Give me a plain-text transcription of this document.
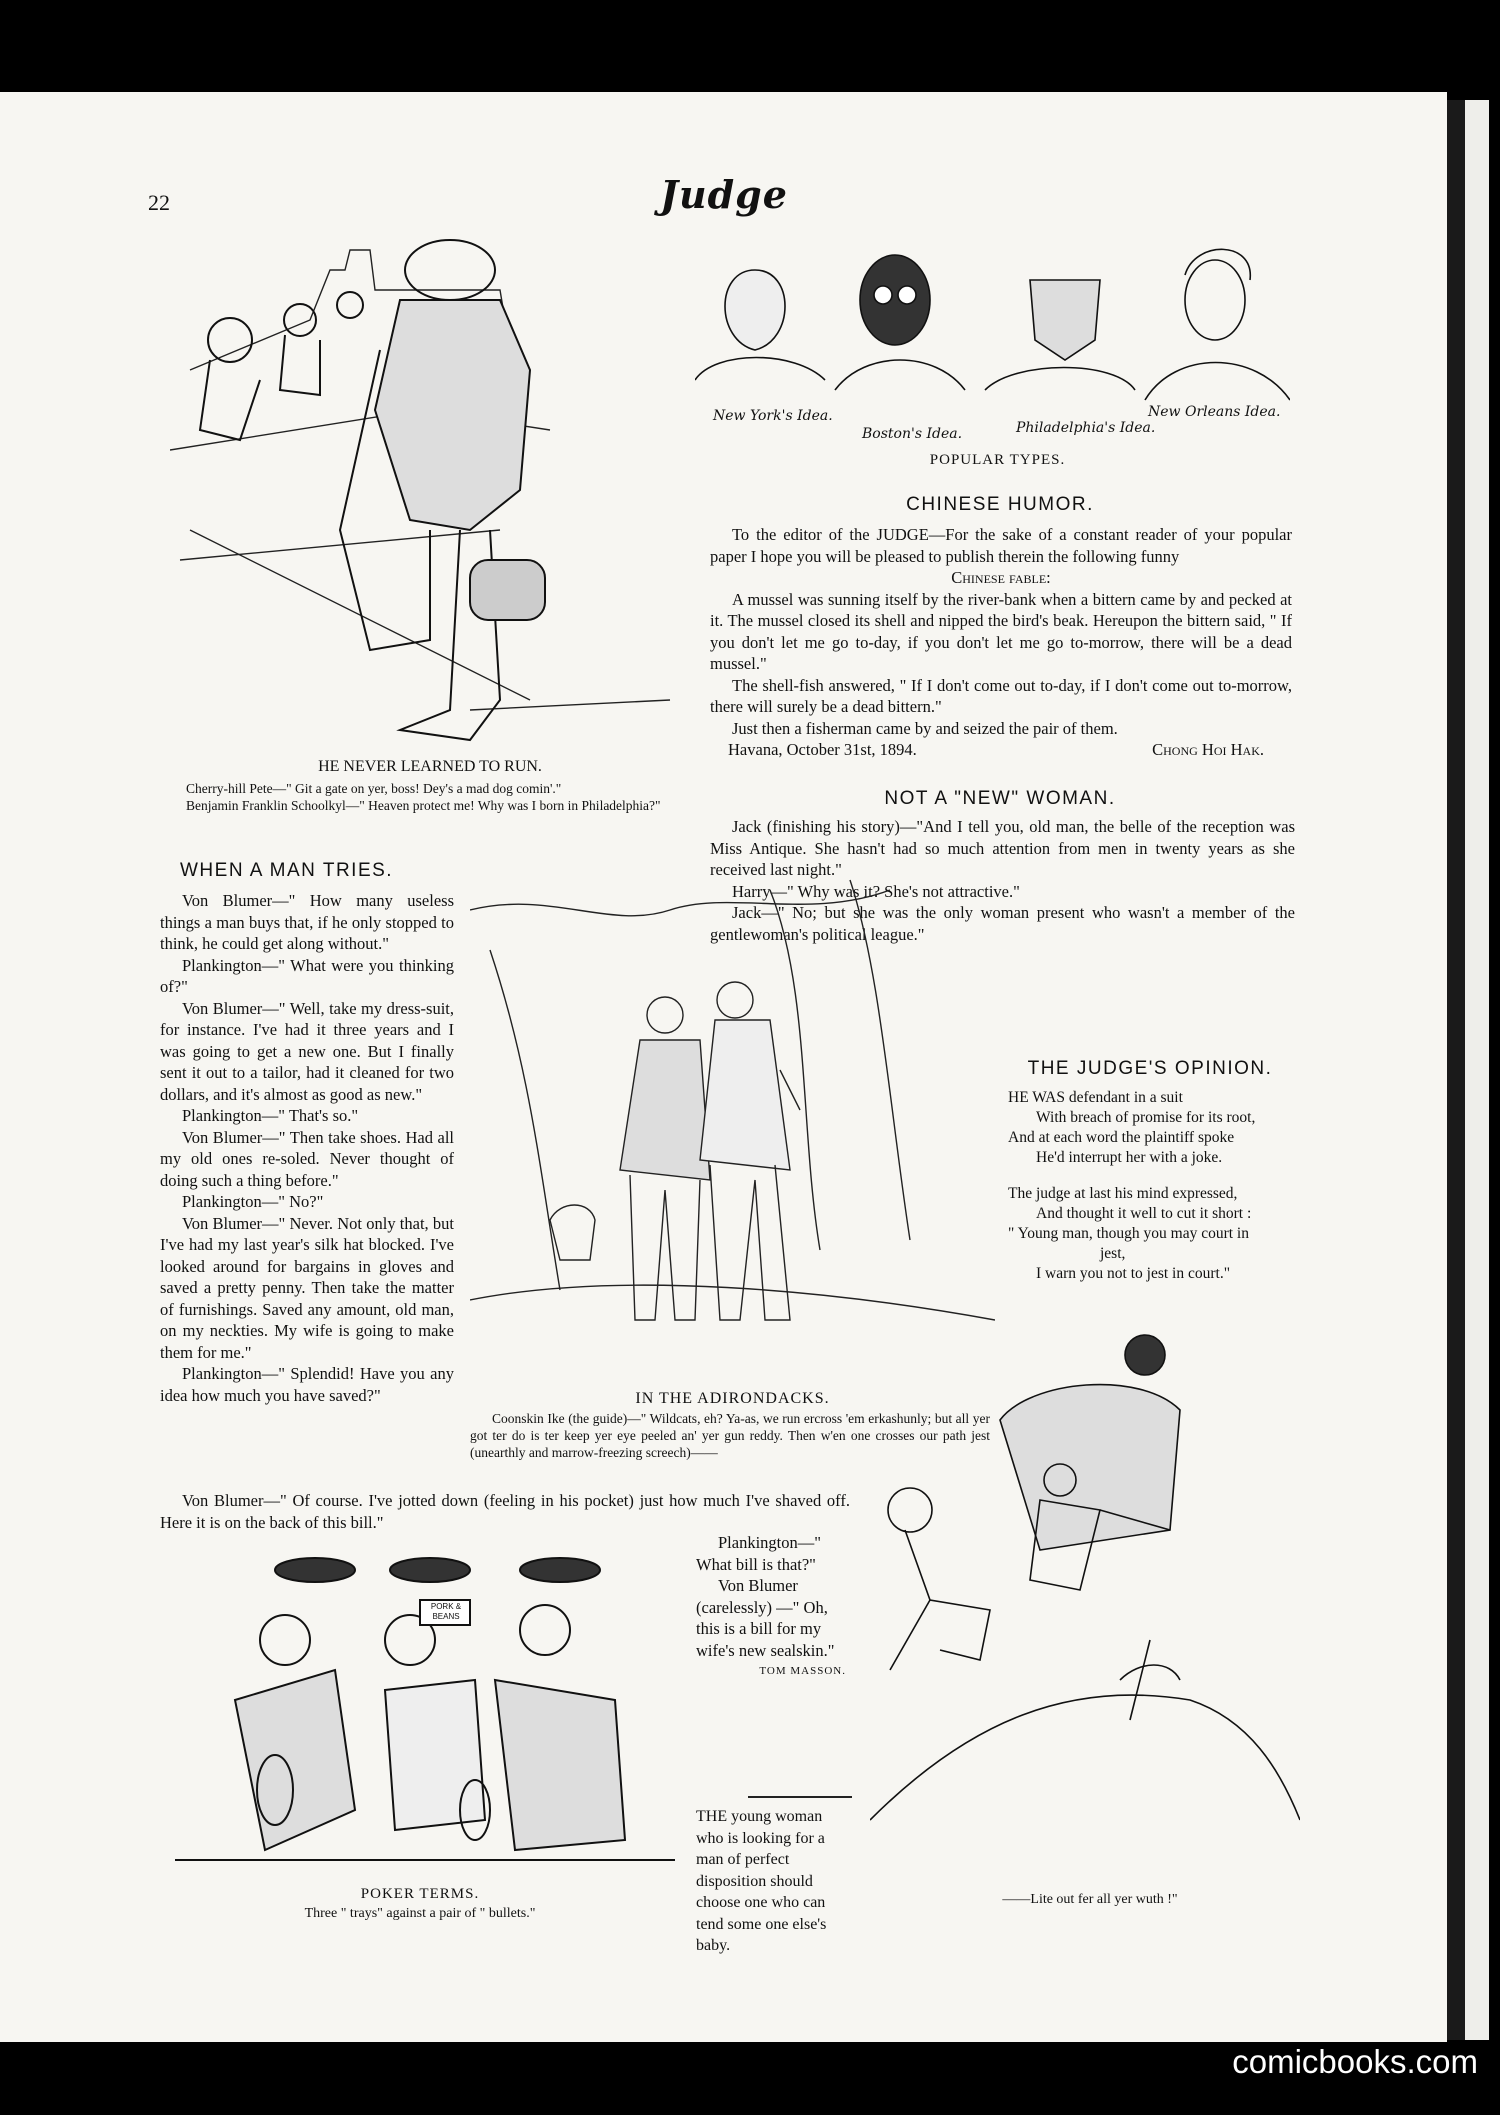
22	Judge
HE NEVER LEARNED TO RUN.
Cherry-hill Pete—" Git a gate on yer, boss! Dey's a mad dog comin'."
Benjamin Franklin Schoolkyl—" Heaven protect me! Why was I born in Philadelphia?"
New York's Idea.
Boston's Idea.	Philadelphia's Idea.
New Orleans Idea.
POPULAR TYPES.
CHINESE HUMOR.

To the editor of the JUDGE—For the sake of a constant reader of your popular paper I hope you will be pleased to publish therein the following funny

Chinese fable:

A mussel was sunning itself by the river-bank when a bittern came by and pecked at it. The mussel closed its shell and nipped the bird's beak. Hereupon the bittern said, " If you don't let me go to-day, if you don't let me go to-morrow, there will be a dead mussel."

The shell-fish answered, " If I don't come out to-day, if I don't come out to-morrow, there will surely be a dead bittern."

Just then a fisherman came by and seized the pair of them.

Havana, October 31st, 1894.	Chong Hoi Hak.
NOT A "NEW" WOMAN.

Jack (finishing his story)—"And I tell you, old man, the belle of the reception was Miss Antique. She hasn't had so much attention from men in twenty years as she received last night."

Harry—" Why was it? She's not attractive."

Jack—" No; but she was the only woman present who wasn't a member of the gentlewoman's political league."

THE JUDGE'S OPINION.
HE WAS defendant in a suit
With breach of promise for its root,
And at each word the plaintiff spoke
He'd interrupt her with a joke.
The judge at last his mind expressed,
And thought it well to cut it short :
" Young man, though you may court in
jest,
I warn you not to jest in court."
WHEN A MAN TRIES.

Von Blumer—" How many useless things a man buys that, if he only stopped to think, he could get along without."

Plankington—" What were you thinking of?"

Von Blumer—" Well, take my dress-suit, for instance. I've had it three years and I was going to get a new one. But I finally sent it out to a tailor, had it cleaned for two dollars, and it's almost as good as new."

Plankington—" That's so."

Von Blumer—" Then take shoes. Had all my old ones re-soled. Never thought of doing such a thing before."

Plankington—" No?"

Von Blumer—" Never. Not only that, but I've had my last year's silk hat blocked. I've looked around for bargains in gloves and saved a pretty penny. Then take the matter of furnishings. Saved any amount, old man, on my neckties. My wife is going to make them for me."

Plankington—" Splendid! Have you any idea how much you have saved?"

Von Blumer—" Of course. I've jotted down (feeling in his pocket) just how much I've shaved off. Here it is on the back of this bill."

Plankington—" What bill is that?"

Von Blumer (carelessly) —" Oh, this is a bill for my wife's new sealskin."

TOM MASSON.
IN THE ADIRONDACKS.
Coonskin Ike (the guide)—" Wildcats, eh? Ya-as, we run ercross 'em erkashunly; but all yer got ter do is ter keep yer eye peeled an' yer gun reddy. Then w'en one crosses our path jest (unearthly and marrow-freezing screech)——
PORK & BEANS
POKER TERMS.
Three " trays" against a pair of " bullets."
THE young woman who is looking for a man of perfect disposition should choose one who can tend some one else's baby.
——Lite out fer all yer wuth !"
comicbooks.com
